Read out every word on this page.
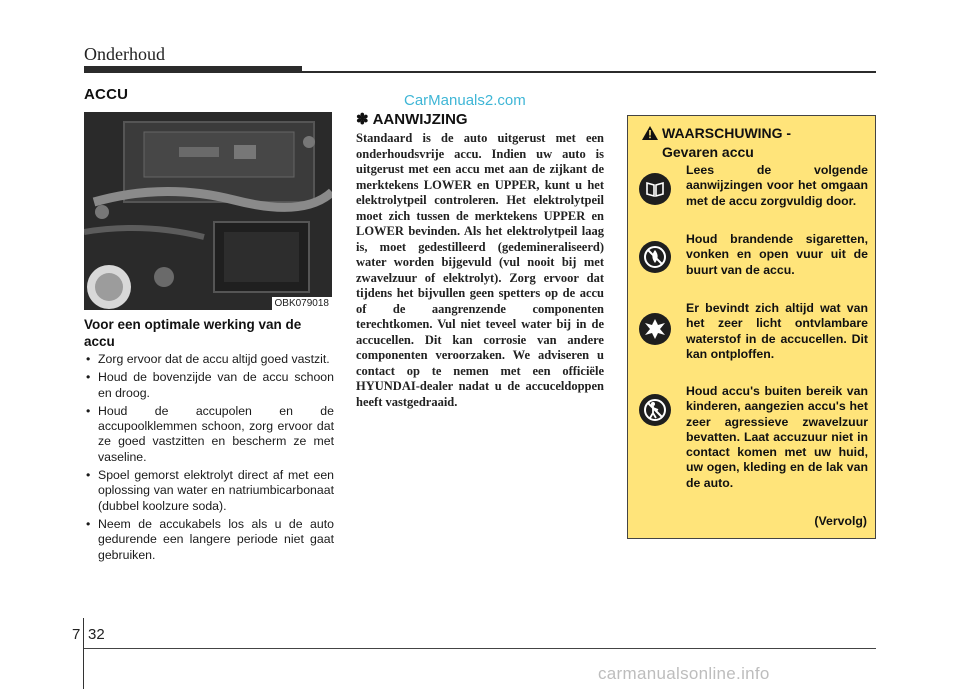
Onderhoud
ACCU	CarManuals2.com
OBK079018
Voor een optimale werking van de accu
• Zorg ervoor dat de accu altijd goed vastzit.
• Houd de bovenzijde van de accu schoon en droog.
• Houd de accupolen en de accupoolklemmen schoon, zorg ervoor dat ze goed vastzitten en bescherm ze met vaseline.
• Spoel gemorst elektrolyt direct af met een oplossing van water en natriumbicarbonaat (dubbel koolzure soda).
• Neem de accukabels los als u de auto gedurende een langere periode niet gaat gebruiken.
✽ AANWIJZING
Standaard is de auto uitgerust met een onderhoudsvrije accu. Indien uw auto is uitgerust met een accu met aan de zijkant de merktekens LOWER en UPPER, kunt u het elektrolytpeil controleren. Het elektrolytpeil moet zich tussen de merktekens UPPER en LOWER bevinden. Als het elektrolytpeil laag is, moet gedestilleerd (gedemineraliseerd) water worden bijgevuld (vul nooit bij met zwavelzuur of elektrolyt). Zorg ervoor dat tijdens het bijvullen geen spetters op de accu of de aangrenzende componenten terechtkomen. Vul niet teveel water bij in de accucellen. Dit kan corrosie van andere componenten veroorzaken. We adviseren u contact op te nemen met een officiële HYUNDAI-dealer nadat u de accuceldoppen heeft vastgedraaid.
WAARSCHUWING -
Gevaren accu
Lees de volgende aanwijzingen voor het omgaan met de accu zorgvuldig door.
Houd brandende sigaretten, vonken en open vuur uit de buurt van de accu.
Er bevindt zich altijd wat van het zeer licht ontvlambare waterstof in de accucellen. Dit kan ontploffen.
Houd accu's buiten bereik van kinderen, aangezien accu's het zeer agressieve zwavelzuur bevatten. Laat accuzuur niet in contact komen met uw huid, uw ogen, kleding en de lak van de auto.
(Vervolg)
7 32
carmanualsonline.info
